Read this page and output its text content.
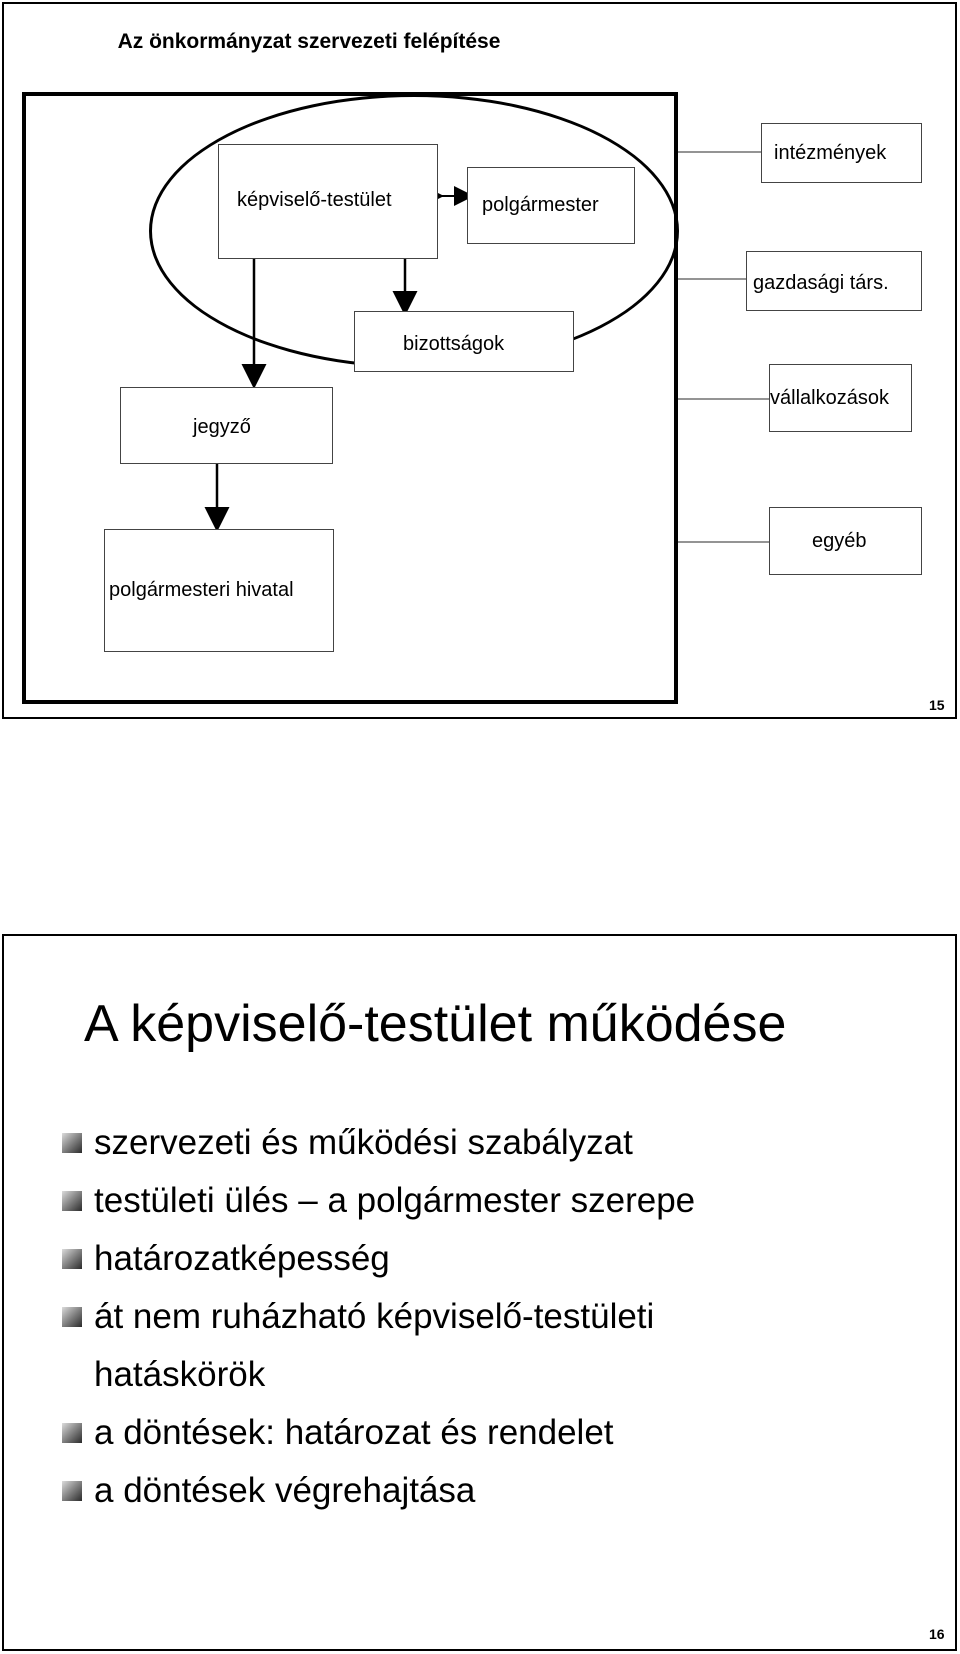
Az önkormányzat szervezeti felépítése
képviselő-testület	polgármester
bizottságok
jegyző
polgármesteri hivatal
intézmények
gazdasági társ.
vállalkozások
egyéb
15
A képviselő-testület működése
szervezeti és működési szabályzat
testületi ülés – a polgármester szerepe
határozatképesség
át nem ruházható képviselő-testületi hatáskörök
a döntések: határozat és rendelet
a döntések végrehajtása
16
